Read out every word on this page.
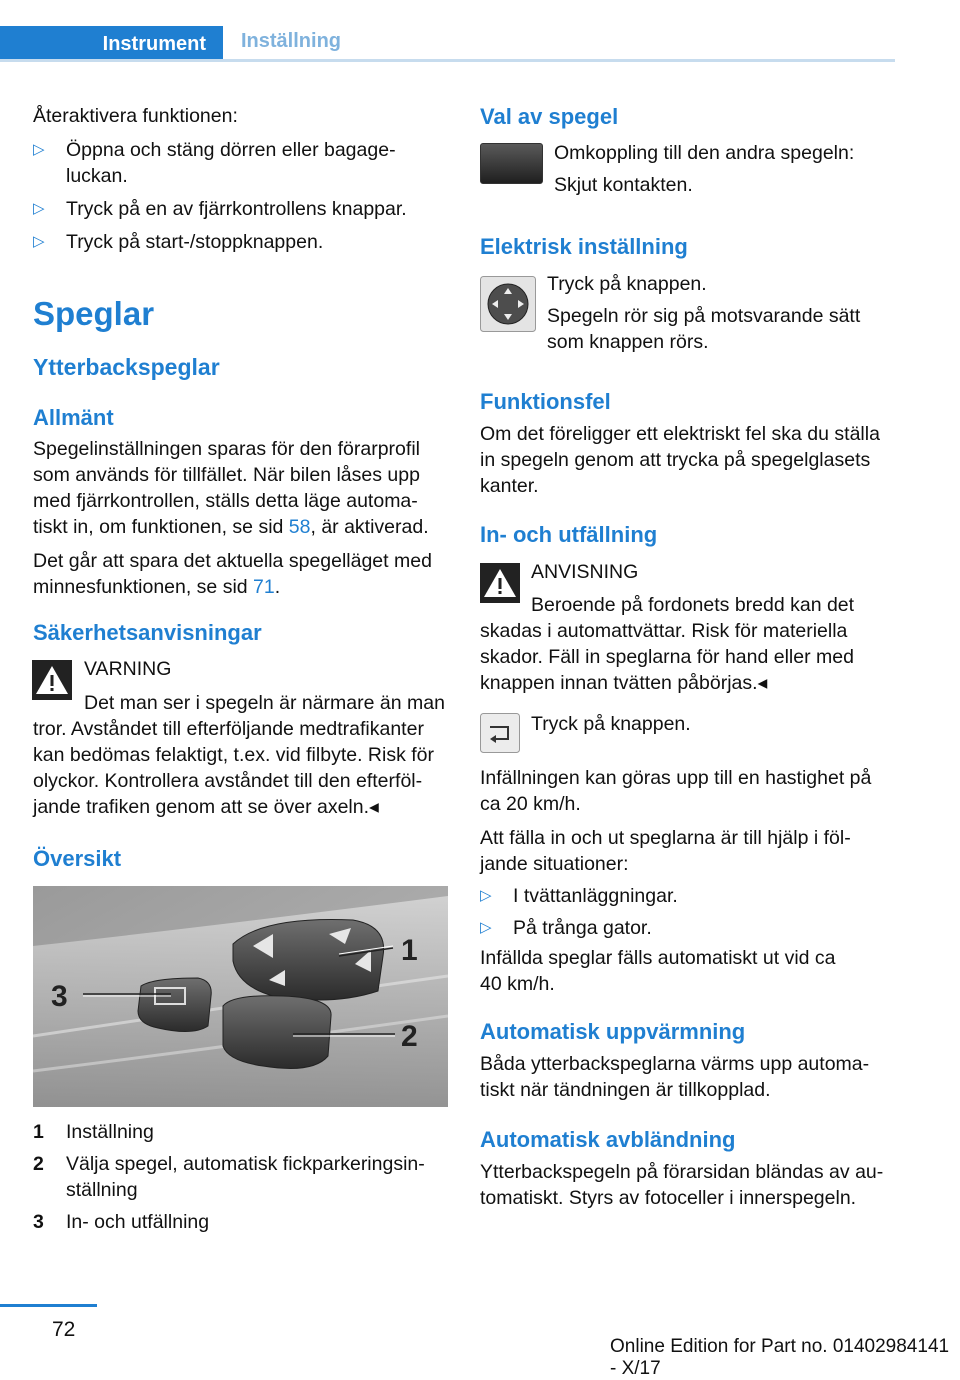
Instrument	Inställning

Återaktivera funktionen:

▷ Öppna och stäng dörren eller bagage-
luckan.
▷ Tryck på en av fjärrkontrollens knappar.
▷ Tryck på start-/stoppknappen.
Speglar
Ytterbackspeglar
Allmänt

Spegelinställningen sparas för den förarprofil

som används för tillfället. När bilen låses upp

med fjärrkontrollen, ställs detta läge automa-

tiskt in, om funktionen, se sid 58, är aktiverad.

Det går att spara det aktuella spegelläget med

minnesfunktionen, se sid 71.

Säkerhetsanvisningar
VARNING

Det man ser i spegeln är närmare än man

tror. Avståndet till efterföljande medtrafikanter

kan bedömas felaktigt, t.ex. vid filbyte. Risk för

olyckor. Kontrollera avståndet till den efterföl-

jande trafiken genom att se över axeln.◂

Översikt
1
2
3
1 Inställning
2 Välja spegel, automatisk fickparkeringsin-
ställning
3 In- och utfällning
Val av spegel

Omkoppling till den andra spegeln:

Skjut kontakten.

Elektrisk inställning

Tryck på knappen.

Spegeln rör sig på motsvarande sätt

som knappen rörs.

Funktionsfel

Om det föreligger ett elektriskt fel ska du ställa

in spegeln genom att trycka på spegelglasets

kanter.

In- och utfällning
ANVISNING

Beroende på fordonets bredd kan det

skadas i automattvättar. Risk för materiella

skador. Fäll in speglarna för hand eller med

knappen innan tvätten påbörjas.◂

Tryck på knappen.

Infällningen kan göras upp till en hastighet på

ca 20 km/h.

Att fälla in och ut speglarna är till hjälp i föl-

jande situationer:

▷ I tvättanläggningar.
▷ På trånga gator.

Infällda speglar fälls automatiskt ut vid ca

40 km/h.

Automatisk uppvärmning

Båda ytterbackspeglarna värms upp automa-

tiskt när tändningen är tillkopplad.

Automatisk avbländning

Ytterbackspegeln på förarsidan bländas av au-

tomatiskt. Styrs av fotoceller i innerspegeln.

72
Online Edition for Part no. 01402984141 - X/17
